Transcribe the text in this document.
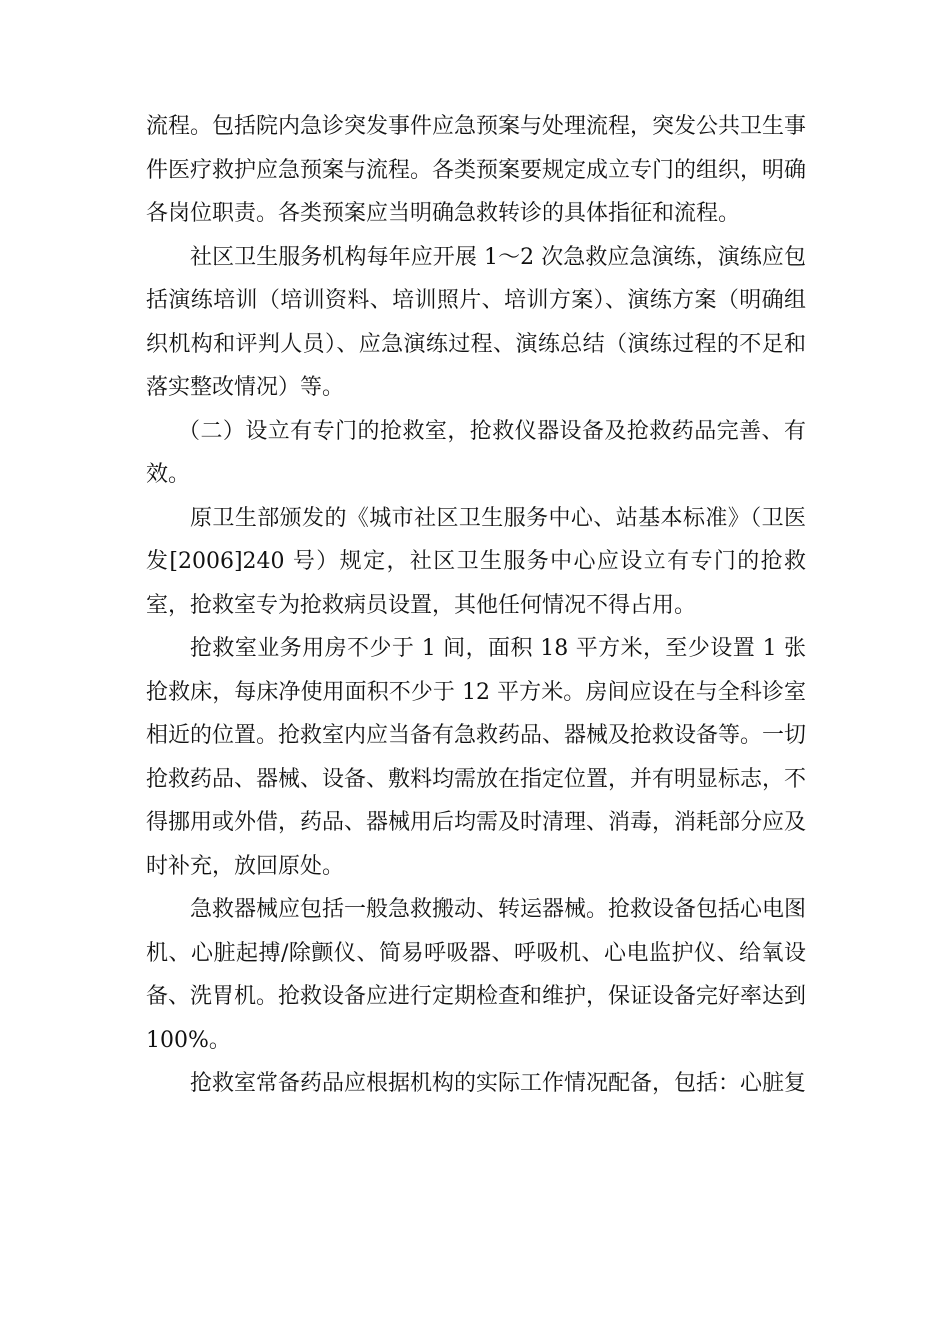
流程。包括院内急诊突发事件应急预案与处理流程，突发公共卫生事件医疗救护应急预案与流程。各类预案要规定成立专门的组织，明确各岗位职责。各类预案应当明确急救转诊的具体指征和流程。

社区卫生服务机构每年应开展 1～2 次急救应急演练，演练应包括演练培训（培训资料、培训照片、培训方案）、演练方案（明确组织机构和评判人员）、应急演练过程、演练总结（演练过程的不足和落实整改情况）等。

（二）设立有专门的抢救室，抢救仪器设备及抢救药品完善、有效。

原卫生部颁发的《城市社区卫生服务中心、站基本标准》（卫医发[2006]240 号）规定，社区卫生服务中心应设立有专门的抢救室，抢救室专为抢救病员设置，其他任何情况不得占用。

抢救室业务用房不少于 1 间，面积 18 平方米，至少设置 1 张抢救床，每床净使用面积不少于 12 平方米。房间应设在与全科诊室相近的位置。抢救室内应当备有急救药品、器械及抢救设备等。一切抢救药品、器械、设备、敷料均需放在指定位置，并有明显标志，不得挪用或外借，药品、器械用后均需及时清理、消毒，消耗部分应及时补充，放回原处。

急救器械应包括一般急救搬动、转运器械。抢救设备包括心电图机、心脏起搏/除颤仪、简易呼吸器、呼吸机、心电监护仪、给氧设备、洗胃机。抢救设备应进行定期检查和维护，保证设备完好率达到100%。

抢救室常备药品应根据机构的实际工作情况配备，包括：心脏复
